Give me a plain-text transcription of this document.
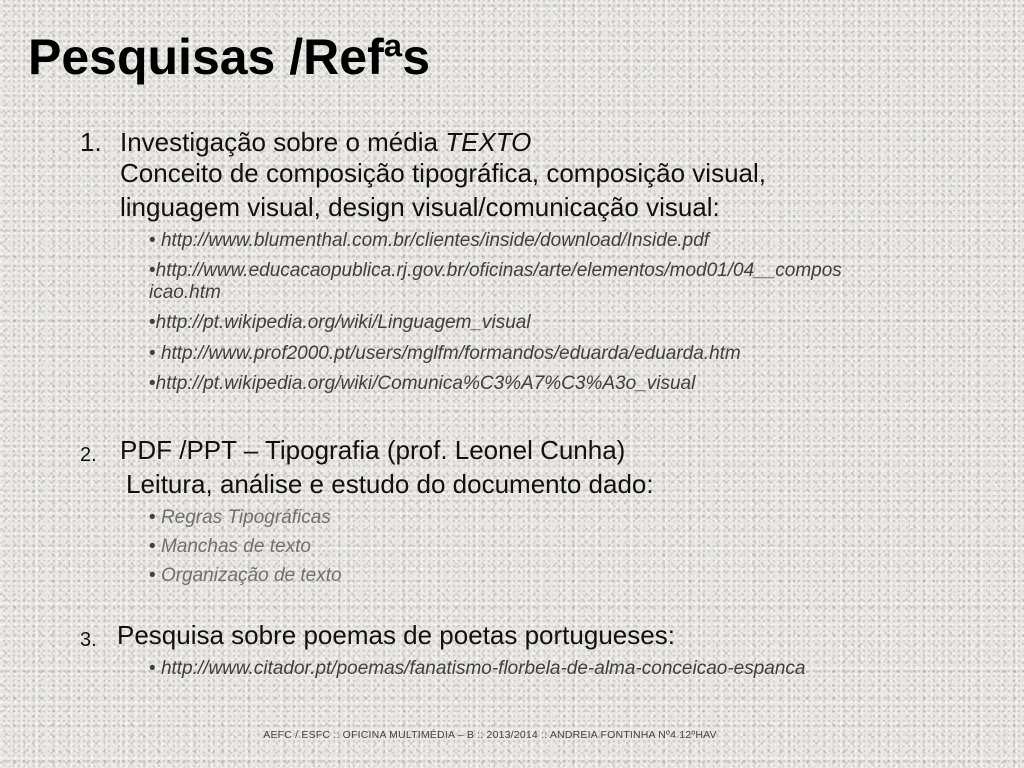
Pesquisas /Refªs
1. Investigação sobre o média TEXTO
Conceito de composição tipográfica, composição visual,
linguagem visual, design visual/comunicação visual:
• http://www.blumenthal.com.br/clientes/inside/download/Inside.pdf
•http://www.educacaopublica.rj.gov.br/oficinas/arte/elementos/mod01/04__compos
icao.htm
•http://pt.wikipedia.org/wiki/Linguagem_visual
• http://www.prof2000.pt/users/mglfm/formandos/eduarda/eduarda.htm
•http://pt.wikipedia.org/wiki/Comunica%C3%A7%C3%A3o_visual
2. PDF /PPT – Tipografia (prof. Leonel Cunha)
Leitura, análise e estudo do documento dado:
• Regras Tipográficas
• Manchas de texto
• Organização de texto
3. Pesquisa sobre poemas de poetas portugueses:
• http://www.citador.pt/poemas/fanatismo-florbela-de-alma-conceicao-espanca
AEFC / ESFC :: OFICINA MULTIMÉDIA – B :: 2013/2014 :: ANDREIA FONTINHA Nº4 12ºHAV
